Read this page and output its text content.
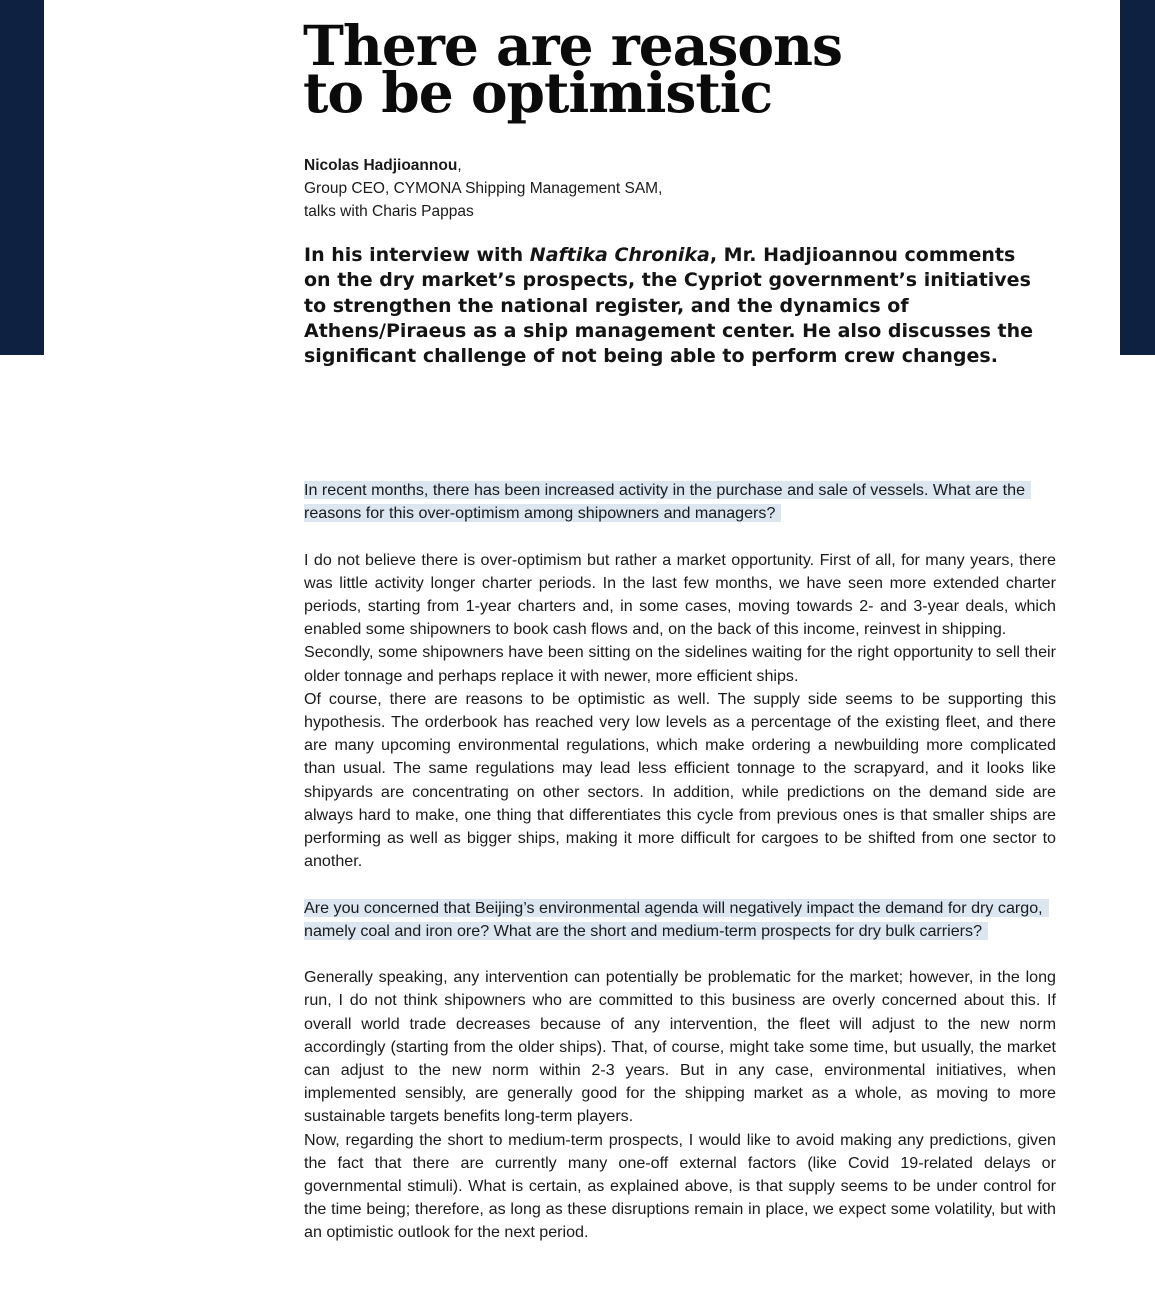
There are reasons
to be optimistic
Nicolas Hadjioannou,
Group CEO, CYMONA Shipping Management SAM,
talks with Charis Pappas

In his interview with Naftika Chronika, Mr. Hadjioannou comments on the dry market’s prospects, the Cypriot government’s initiatives to strengthen the national register, and the dynamics of Athens/Piraeus as a ship management center. He also discusses the significant challenge of not being able to perform crew changes.

In recent months, there has been increased activity in the purchase and sale of vessels. What are the reasons for this over-optimism among shipowners and managers?

I do not believe there is over-optimism but rather a market opportunity. First of all, for many years, there was little activity longer charter periods. In the last few months, we have seen more extended charter periods, starting from 1-year charters and, in some cases, moving towards 2- and 3-year deals, which enabled some shipowners to book cash flows and, on the back of this income, reinvest in shipping.

Secondly, some shipowners have been sitting on the sidelines waiting for the right opportunity to sell their older tonnage and perhaps replace it with newer, more efficient ships.

Of course, there are reasons to be optimistic as well. The supply side seems to be supporting this hypothesis. The orderbook has reached very low levels as a percentage of the existing fleet, and there are many upcoming environmental regulations, which make ordering a newbuilding more complicated than usual. The same regulations may lead less efficient tonnage to the scrapyard, and it looks like shipyards are concentrating on other sectors. In addition, while predictions on the demand side are always hard to make, one thing that differentiates this cycle from previous ones is that smaller ships are performing as well as bigger ships, making it more difficult for cargoes to be shifted from one sector to another.

Are you concerned that Beijing’s environmental agenda will negatively impact the demand for dry cargo, namely coal and iron ore? What are the short and medium-term prospects for dry bulk carriers?

Generally speaking, any intervention can potentially be problematic for the market; however, in the long run, I do not think shipowners who are committed to this business are overly concerned about this. If overall world trade decreases because of any intervention, the fleet will adjust to the new norm accordingly (starting from the older ships). That, of course, might take some time, but usually, the market can adjust to the new norm within 2-3 years. But in any case, environmental initiatives, when implemented sensibly, are generally good for the shipping market as a whole, as moving to more sustainable targets benefits long-term players.

Now, regarding the short to medium-term prospects, I would like to avoid making any predictions, given the fact that there are currently many one-off external factors (like Covid 19-related delays or governmental stimuli). What is certain, as explained above, is that supply seems to be under control for the time being; therefore, as long as these disruptions remain in place, we expect some volatility, but with an optimistic outlook for the next period.
